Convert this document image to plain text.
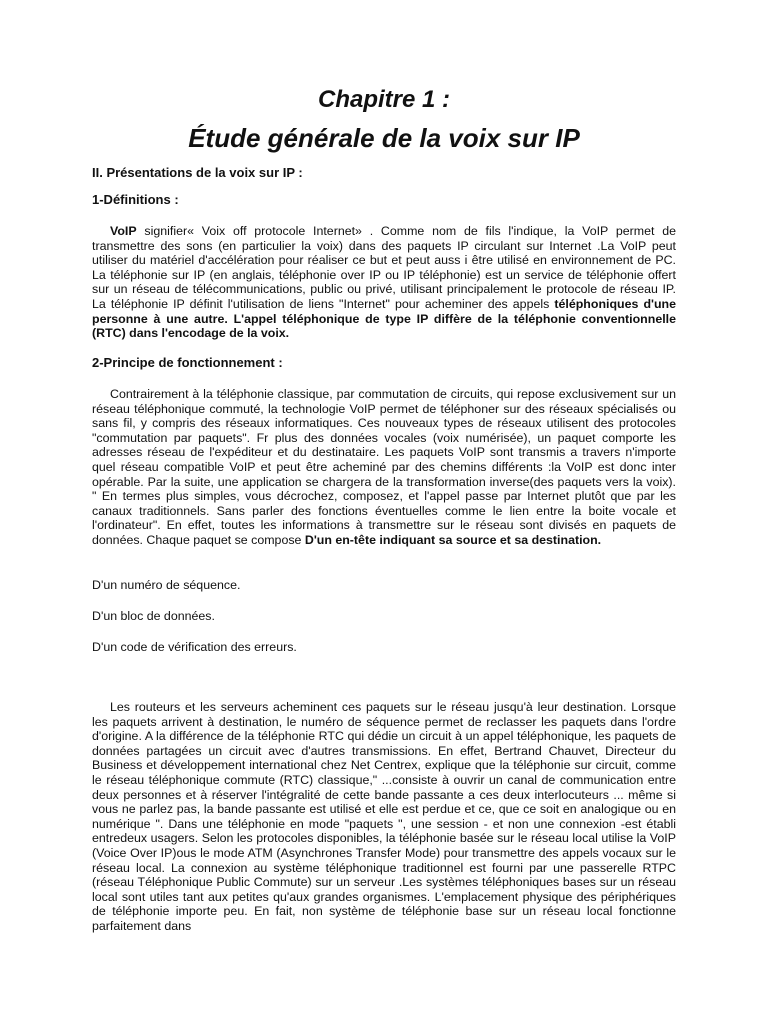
Chapitre 1 :
Étude générale de la voix sur IP
II. Présentations de la voix sur IP :
1-Définitions :

VoIP signifier« Voix off protocole Internet» . Comme nom de fils l'indique, la VoIP permet de transmettre des sons (en particulier la voix) dans des paquets IP circulant sur Internet .La VoIP peut utiliser du matériel d'accélération pour réaliser ce but et peut auss i être utilisé en environnement de PC. La téléphonie sur IP (en anglais, téléphonie over IP ou IP téléphonie) est un service de téléphonie offert sur un réseau de télécommunications, public ou privé, utilisant principalement le protocole de réseau IP. La téléphonie IP définit l'utilisation de liens "Internet" pour acheminer des appels téléphoniques d'une personne à une autre. L'appel téléphonique de type IP diffère de la téléphonie conventionnelle (RTC) dans l'encodage de la voix.

2-Principe de fonctionnement :

Contrairement à la téléphonie classique, par commutation de circuits, qui repose exclusivement sur un réseau téléphonique commuté, la technologie VoIP permet de téléphoner sur des réseaux spécialisés ou sans fil, y compris des réseaux informatiques. Ces nouveaux types de réseaux utilisent des protocoles "commutation par paquets". Fr plus des données vocales (voix numérisée), un paquet comporte les adresses réseau de l'expéditeur et du destinataire. Les paquets VoIP sont transmis a travers n'importe quel réseau compatible VoIP et peut être acheminé par des chemins différents :la VoIP est donc inter opérable. Par la suite, une application se chargera de la transformation inverse(des paquets vers la voix). " En termes plus simples, vous décrochez, composez, et l'appel passe par Internet plutôt que par les canaux traditionnels. Sans parler des fonctions éventuelles comme le lien entre la boite vocale et l'ordinateur". En effet, toutes les informations à transmettre sur le réseau sont divisés en paquets de données. Chaque paquet se compose D'un en-tête indiquant sa source et sa destination.

D'un numéro de séquence.

D'un bloc de données.

D'un code de vérification des erreurs.

Les routeurs et les serveurs acheminent ces paquets sur le réseau jusqu'à leur destination. Lorsque les paquets arrivent à destination, le numéro de séquence permet de reclasser les paquets dans l'ordre d'origine. A la différence de la téléphonie RTC qui dédie un circuit à un appel téléphonique, les paquets de données partagées un circuit avec d'autres transmissions. En effet, Bertrand Chauvet, Directeur du Business et développement international chez Net Centrex, explique que la téléphonie sur circuit, comme le réseau téléphonique commute (RTC) classique," ...consiste à ouvrir un canal de communication entre deux personnes et à réserver l'intégralité de cette bande passante a ces deux interlocuteurs ... même si vous ne parlez pas, la bande passante est utilisé et elle est perdue et ce, que ce soit en analogique ou en numérique ". Dans une téléphonie en mode "paquets ", une session - et non une connexion -est établi entredeux usagers. Selon les protocoles disponibles, la téléphonie basée sur le réseau local utilise la VoIP (Voice Over IP)ous le mode ATM (Asynchrones Transfer Mode) pour transmettre des appels vocaux sur le réseau local. La connexion au système téléphonique traditionnel est fourni par une passerelle RTPC (réseau Téléphonique Public Commute) sur un serveur .Les systèmes téléphoniques bases sur un réseau local sont utiles tant aux petites qu'aux grandes organismes. L'emplacement physique des périphériques de téléphonie importe peu. En fait, non système de téléphonie base sur un réseau local fonctionne parfaitement dans
